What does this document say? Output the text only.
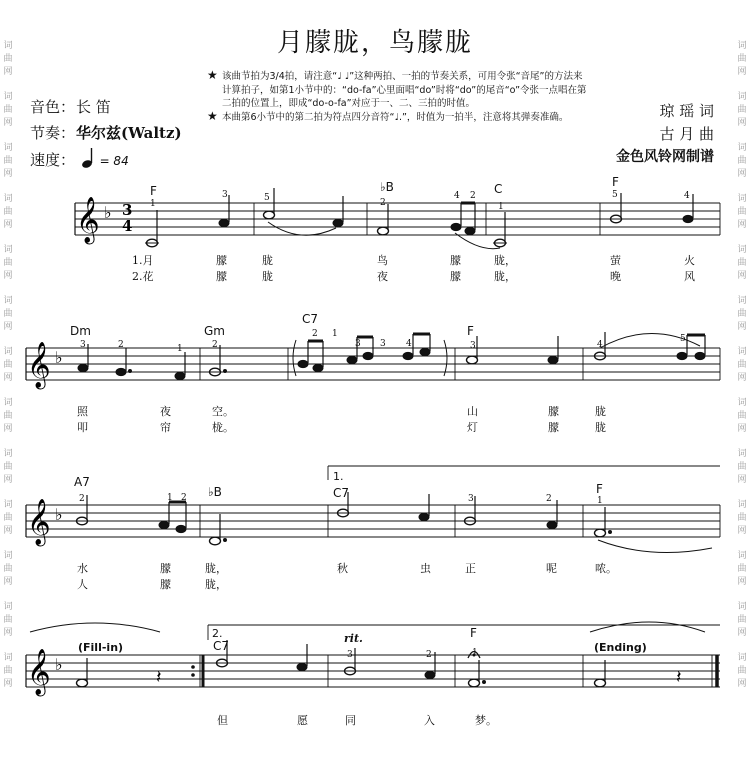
月朦胧，鸟朦胧
词
曲
网
词
曲
网
词
曲
网
词
曲
网
词
曲
网
词
曲
网
词
曲
网
词
曲
网
词
曲
网
词
曲
网
词
曲
网
词
曲
网
词
曲
网
词
曲
网
词
曲
网
词
曲
网
词
曲
网
词
曲
网
词
曲
网
词
曲
网
词
曲
网
词
曲
网
词
曲
网
词
曲
网
词
曲
网
词
曲
网
音色：长 笛
节奏：华尔兹(Waltz)
速度： = 84
★ 该曲节拍为3/4拍，请注意“♩ ♩”这种两拍、一拍的节奏关系，可用令张“音尾”的方法来计算拍子，如第1小节中的：“do-fa”心里面唱“do”时将“do”的尾音“o”令张一点唱在第二拍的位置上，即成“do-o-fa”对应于一、二、三拍的时值。
★ 本曲第6小节中的第二拍为符点四分音符“♩.”，时值为一拍半，注意将其弹奏准确。	琼 瑶 词
古 月 曲
金色风铃网制谱
𝄞 ♭ 3
4
𝄞 ♭
𝄞 ♭
𝄞 ♭
𝄽	𝄽
F	♭B	C	F
Dm	Gm
C7
F
A7
♭B	C7	F
C7
F
1
3	5	2
4 2
1
5	4
3	2	1	2
2 1
3 3 4	3	4
5
2	1 2	3	2	1
3	2	1
1.
2.
(Fill-in)	(Ending)
rit.
1.月	朦	胧	鸟	朦	胧，	萤	火
2.花	朦	胧	夜	朦	胧，	晚	风
照	夜	空。	山	朦	胧
叩	帘	栊。	灯	朦	胧
水	朦	胧，	秋	虫	正	呢	哝。
人	朦	胧，
但	愿	同	入	梦。
